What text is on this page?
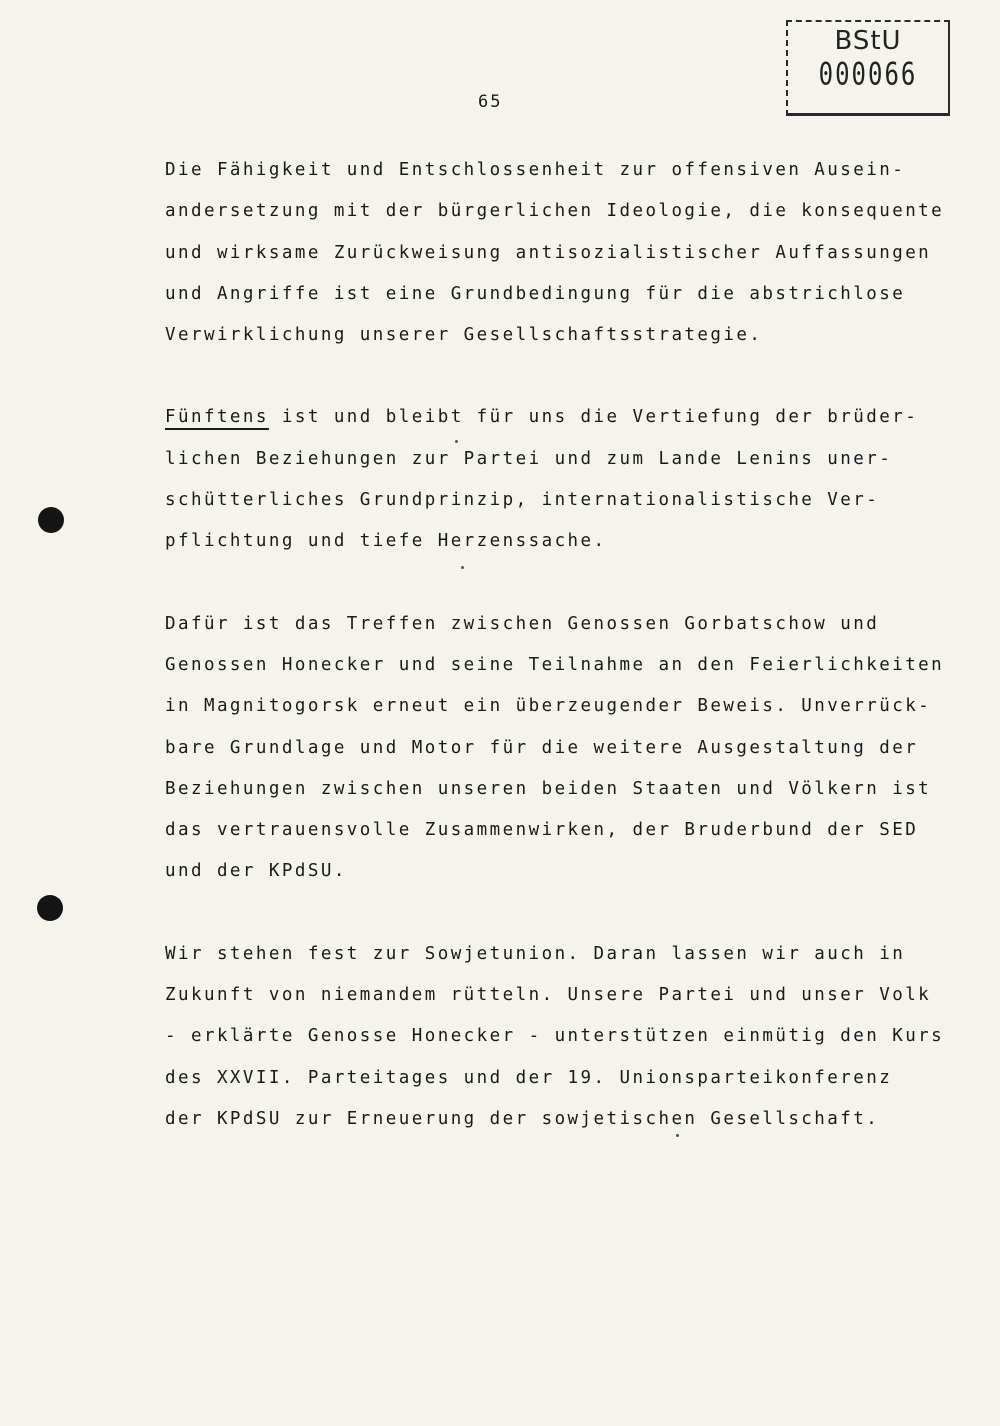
BStU
000066
65
Die Fähigkeit und Entschlossenheit zur offensiven Ausein-
andersetzung mit der bürgerlichen Ideologie, die konsequente
und wirksame Zurückweisung antisozialistischer Auffassungen
und Angriffe ist eine Grundbedingung für die abstrichlose
Verwirklichung unserer Gesellschaftsstrategie.
Fünftens ist und bleibt für uns die Vertiefung der brüder-
lichen Beziehungen zur Partei und zum Lande Lenins uner-
schütterliches Grundprinzip, internationalistische Ver-
pflichtung und tiefe Herzenssache.
Dafür ist das Treffen zwischen Genossen Gorbatschow und
Genossen Honecker und seine Teilnahme an den Feierlichkeiten
in Magnitogorsk erneut ein überzeugender Beweis. Unverrück-
bare Grundlage und Motor für die weitere Ausgestaltung der
Beziehungen zwischen unseren beiden Staaten und Völkern ist
das vertrauensvolle Zusammenwirken, der Bruderbund der SED
und der KPdSU.
Wir stehen fest zur Sowjetunion. Daran lassen wir auch in
Zukunft von niemandem rütteln. Unsere Partei und unser Volk
- erklärte Genosse Honecker - unterstützen einmütig den Kurs
des XXVII. Parteitages und der 19. Unionsparteikonferenz
der KPdSU zur Erneuerung der sowjetischen Gesellschaft.
